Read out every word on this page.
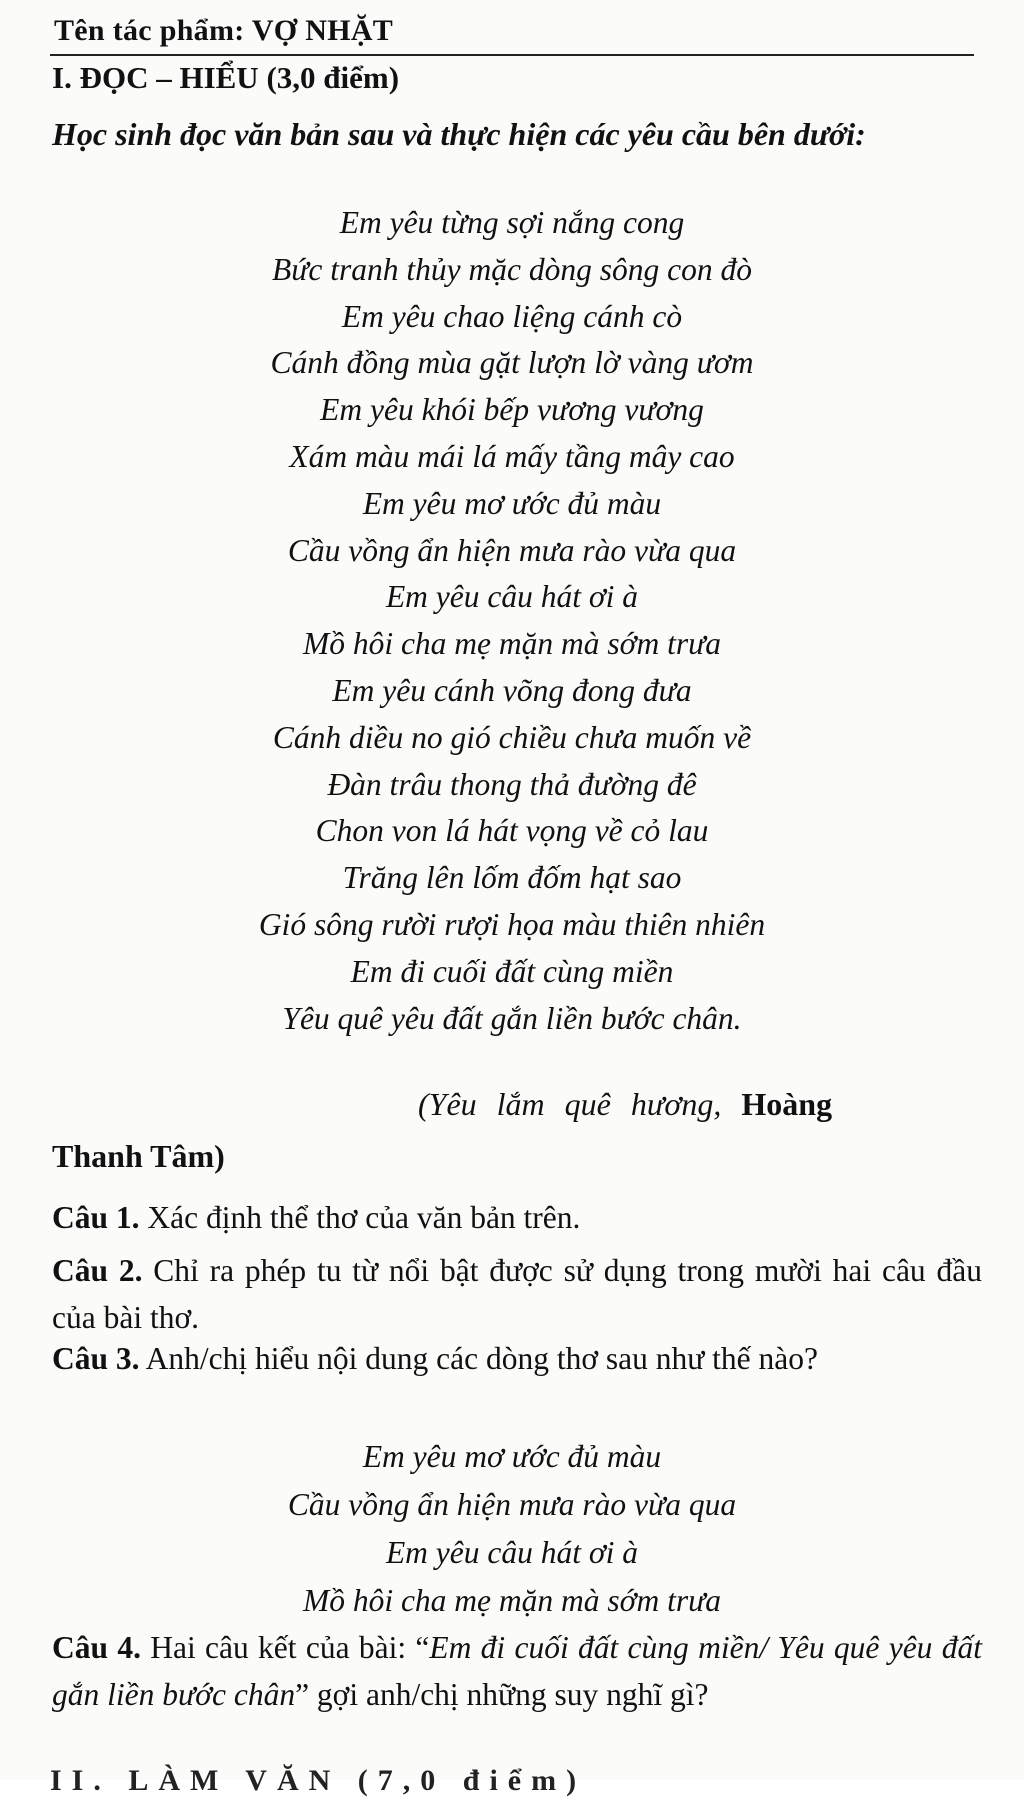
Tên tác phẩm: VỢ NHẶT
I. ĐỌC – HIỂU (3,0 điểm)
Học sinh đọc văn bản sau và thực hiện các yêu cầu bên dưới:
Em yêu từng sợi nắng cong
Bức tranh thủy mặc dòng sông con đò
Em yêu chao liệng cánh cò
Cánh đồng mùa gặt lượn lờ vàng ươm
Em yêu khói bếp vương vương
Xám màu mái lá mấy tầng mây cao
Em yêu mơ ước đủ màu
Cầu vồng ẩn hiện mưa rào vừa qua
Em yêu câu hát ơi à
Mồ hôi cha mẹ mặn mà sớm trưa
Em yêu cánh võng đong đưa
Cánh diều no gió chiều chưa muốn về
Đàn trâu thong thả đường đê
Chon von lá hát vọng về cỏ lau
Trăng lên lốm đốm hạt sao
Gió sông rười rượi họa màu thiên nhiên
Em đi cuối đất cùng miền
Yêu quê yêu đất gắn liền bước chân.
(Yêu lắm quê hương, Hoàng
Thanh Tâm)

Câu 1. Xác định thể thơ của văn bản trên.

Câu 2. Chỉ ra phép tu từ nổi bật được sử dụng trong mười hai câu đầu của bài thơ.

Câu 3. Anh/chị hiểu nội dung các dòng thơ sau như thế nào?

Em yêu mơ ước đủ màu
Cầu vồng ẩn hiện mưa rào vừa qua
Em yêu câu hát ơi à
Mồ hôi cha mẹ mặn mà sớm trưa

Câu 4. Hai câu kết của bài: “Em đi cuối đất cùng miền/ Yêu quê yêu đất gắn liền bước chân” gợi anh/chị những suy nghĩ gì?

II. LÀM VĂN (7,0 điểm)
